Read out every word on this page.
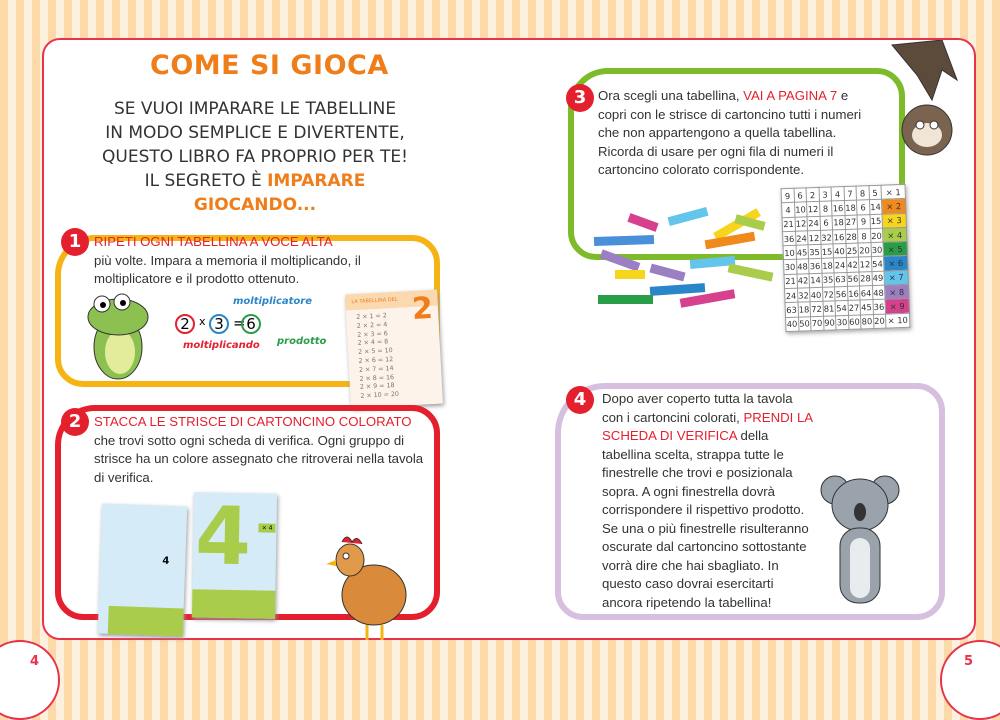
4	5
COME SI GIOCA
SE VUOI IMPARARE LE TABELLINE
IN MODO SEMPLICE E DIVERTENTE,
QUESTO LIBRO FA PROPRIO PER TE!
IL SEGRETO È IMPARARE GIOCANDO...
1 RIPETI OGNI TABELLINA A VOCE ALTA
più volte. Impara a memoria il moltiplicando, il moltiplicatore e il prodotto ottenuto.
2 x 3 = 6
moltiplicatore
moltiplicando prodotto
LA TABELLINA DEL 2
2 × 1 = 2
2 × 2 = 4
2 × 3 = 6
2 × 4 = 8
2 × 5 = 10
2 × 6 = 12
2 × 7 = 14
2 × 8 = 16
2 × 9 = 18
2 × 10 = 20
2 STACCA LE STRISCE DI CARTONCINO COLORATO che trovi sotto ogni scheda di verifica. Ogni gruppo di strisce ha un colore assegnato che ritroverai nella tavola di verifica.
4 4	× 4
3 Ora scegli una tabellina, VAI A PAGINA 7 e copri con le strisce di cartoncino tutti i numeri che non appartengono a quella tabellina. Ricorda di usare per ogni fila di numeri il cartoncino colorato corrispondente.
9	6	2	3	4	7	8	5	× 1
4	10	12	8	16	18	6	14	× 2
21	12	24	6	18	27	9	15	× 3
36	24	12	32	16	28	8	20	× 4
10	45	35	15	40	25	20	30	× 5
30	48	36	18	24	42	12	54	× 6
21	42	14	35	63	56	28	49	× 7
24	32	40	72	56	16	64	48	× 8
63	18	72	81	54	27	45	36	× 9
40	50	70	90	30	60	80	20	× 10
4	Dopo aver coperto tutta la tavola con i cartoncini colorati, PRENDI LA SCHEDA DI VERIFICA della tabellina scelta, strappa tutte le finestrelle che trovi e posizionala sopra. A ogni finestrella dovrà corrispondere il rispettivo prodotto. Se una o più finestrelle risulteranno oscurate dal cartoncino sottostante vorrà dire che hai sbagliato. In questo caso dovrai esercitarti ancora ripetendo la tabellina!
